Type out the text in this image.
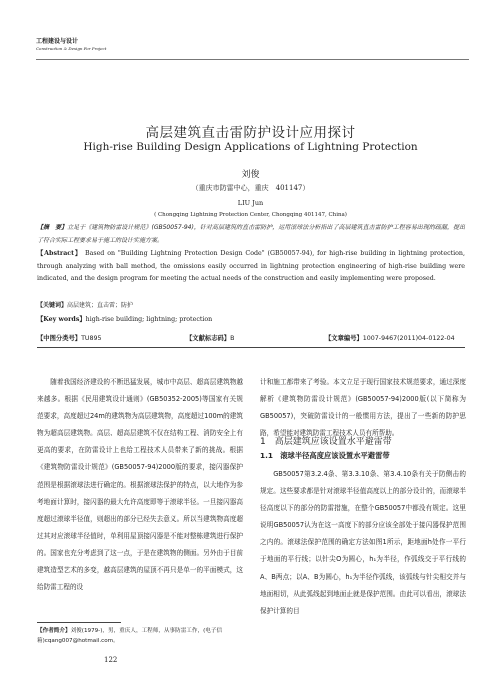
工程建设与设计
Construction & Design For Project
高层建筑直击雷防护设计应用探讨
High-rise Building Design Applications of Lightning Protection
刘俊
（重庆市防雷中心，重庆　401147）
LIU Jun
( Chongqing Lightning Protection Center, Chongqing 401147, China)
【摘　要】立足于《建筑物防雷设计规范》(GB50057-94)，针对高层建筑的直击雷防护，运用滚球法分析指出了高层建筑直击雷防护工程容易出现的疏漏，提出了符合实际工程要求易于施工的设计实施方案。
【Abstract】 Based on "Building Lightning Protection Design Code" (GB50057-94), for high-rise building in lightning protection, through analyzing with ball method, the omissions easily occurred in lightning protection engineering of high-rise building were indicated, and the design program for meeting the actual needs of the construction and easily implementing were proposed.
【关键词】高层建筑；直击雷；防护
【Key words】high-rise building; lightning; protection
【中图分类号】TU895	【文献标志码】B	【文章编号】1007-9467(2011)04-0122-04

随着我国经济建设的不断迅猛发展，城市中高层、超高层建筑物越来越多。根据《民用建筑设计通则》(GB50352-2005)等国家有关规范要求，高度超过24m的建筑物为高层建筑物，高度超过100m的建筑物为超高层建筑物。高层、超高层建筑不仅在结构工程、消防安全上有更高的要求，在防雷设计上也给工程技术人员带来了新的挑战。根据《建筑物防雷设计规范》(GB50057-94)2000版的要求，接闪器保护范围是根据滚球法进行确定的。根据滚球法保护的特点，以大地作为参考地面计算时，接闪器的最大允许高度即等于滚球半径。一旦接闪器高度超过滚球半径值，则超出的部分已经失去意义。所以当建筑物高度超过其对应滚球半径值时，单利用屋顶接闪器是不能对整栋建筑进行保护的。国家也充分考虑到了这一点，于是在建筑物的侧面。另外由于目前建筑造型艺术的多变，越高层建筑的屋顶不再只是单一的平面模式，这给防雷工程的设

计和施工都带来了考验。本文立足于现行国家技术规范要求，通过深度解析《建筑物防雷设计规范》(GB50057-94)2000版(以下简称为GB50057)，突破防雷设计的一般惯用方法，提出了一些新的防护思路，希望能对建筑防雷工程技术人员有所帮助。

1　高层建筑应该设置水平避雷带
1.1　滚球半径高度应该设置水平避雷带

GB50057第3.2.4条、第3.3.10条、第3.4.10条有关于防侧击的规定。这些要求都是针对滚球半径值高度以上的部分设计的，而滚球半径高度以下的部分的防雷措施，在整个GB50057中都没有规定。这里说明GB50057认为在这一高度下的部分应该全部处于接闪器保护范围之内的。滚球法保护范围的确定方法如图1所示，距地面h处作一平行于地面的平行线；以针尖O为圆心，h₁为半径，作弧线交于平行线的A、B两点；以A、B为圆心，h₁为半径作弧线，该弧线与针尖相交并与地面相切，从此弧线起到地面止就是保护范围。由此可以看出，滚球法保护计算的目

【作者简介】刘俊(1979-)，男，重庆人，工程师，从事防雷工作，(电子信箱)cqang007@hotmail.com。
122
